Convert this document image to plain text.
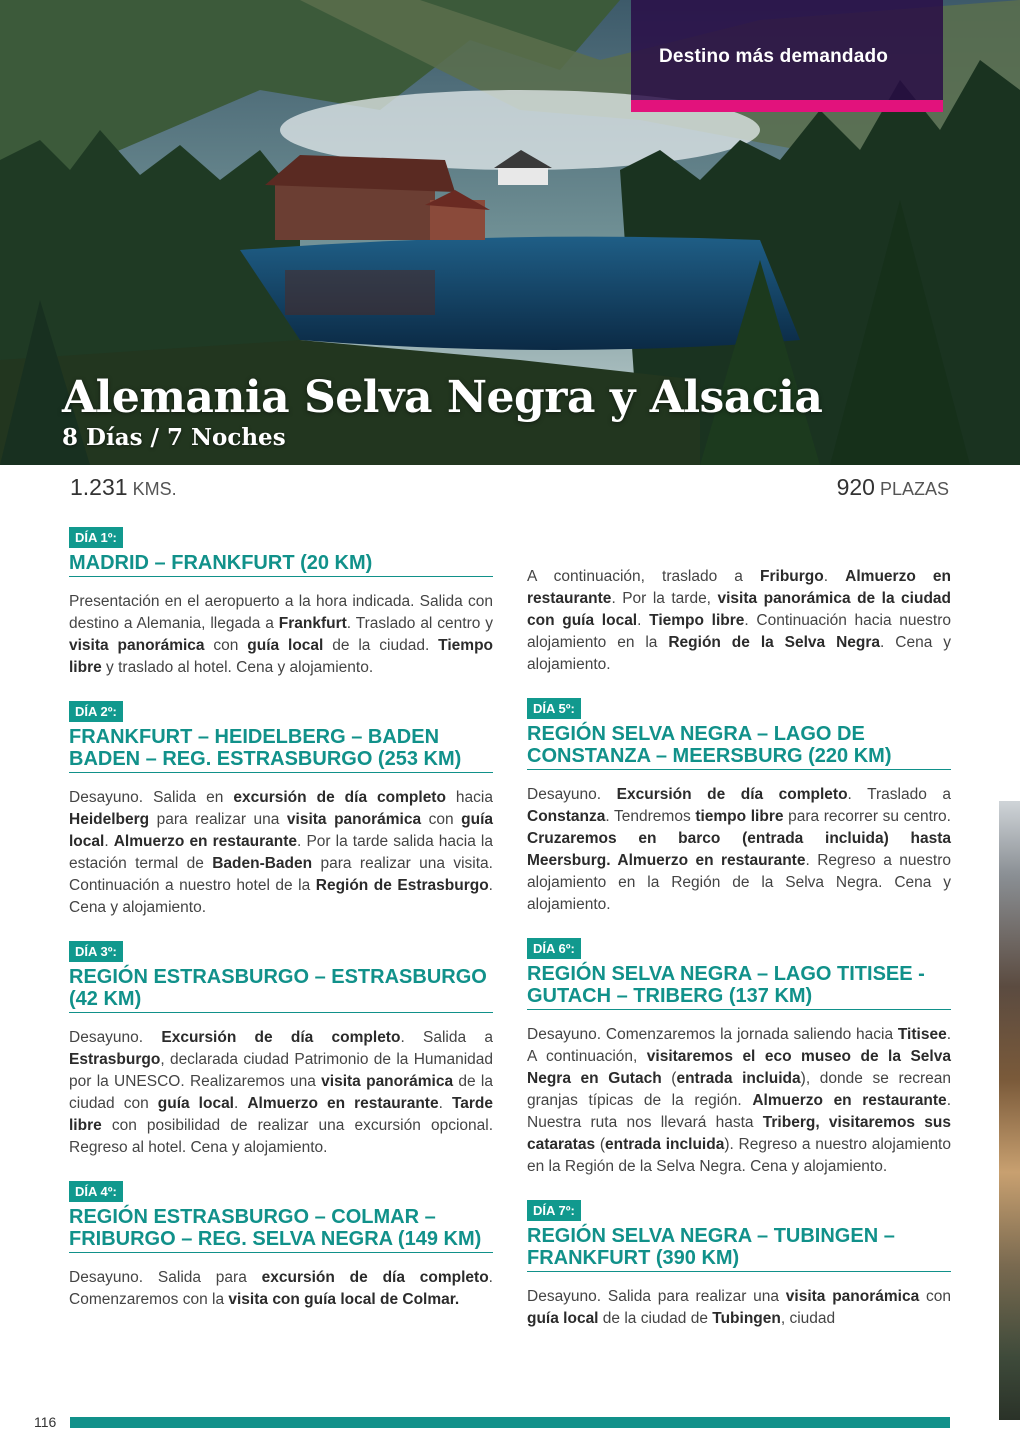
Destino más demandado
Alemania Selva Negra y Alsacia
8 Días / 7 Noches
1.231 KMS.	920 PLAZAS
DÍA 1º:
MADRID – FRANKFURT (20 KM)

Presentación en el aeropuerto a la hora indicada. Salida con destino a Alemania, llegada a Frankfurt. Traslado al centro y visita panorámica con guía local de la ciudad. Tiempo libre y traslado al hotel. Cena y alojamiento.

DÍA 2º:
FRANKFURT – HEIDELBERG – BADEN BADEN – REG. ESTRASBURGO (253 KM)

Desayuno. Salida en excursión de día completo hacia Heidelberg para realizar una visita panorámica con guía local. Almuerzo en restaurante. Por la tarde salida hacia la estación termal de Baden-Baden para realizar una visita. Continuación a nuestro hotel de la Región de Estrasburgo. Cena y alojamiento.

DÍA 3º:
REGIÓN ESTRASBURGO – ESTRASBURGO (42 KM)

Desayuno. Excursión de día completo. Salida a Estrasburgo, declarada ciudad Patrimonio de la Humanidad por la UNESCO. Realizaremos una visita panorámica de la ciudad con guía local. Almuerzo en restaurante. Tarde libre con posibilidad de realizar una excursión opcional. Regreso al hotel. Cena y alojamiento.

DÍA 4º:
REGIÓN ESTRASBURGO – COLMAR – FRIBURGO – REG. SELVA NEGRA (149 KM)

Desayuno. Salida para excursión de día completo. Comenzaremos con la visita con guía local de Colmar.

A continuación, traslado a Friburgo. Almuerzo en restaurante. Por la tarde, visita panorámica de la ciudad con guía local. Tiempo libre. Continuación hacia nuestro alojamiento en la Región de la Selva Negra. Cena y alojamiento.

DÍA 5º:
REGIÓN SELVA NEGRA – LAGO DE CONSTANZA – MEERSBURG (220 KM)

Desayuno. Excursión de día completo. Traslado a Constanza. Tendremos tiempo libre para recorrer su centro. Cruzaremos en barco (entrada incluida) hasta Meersburg. Almuerzo en restaurante. Regreso a nuestro alojamiento en la Región de la Selva Negra. Cena y alojamiento.

DÍA 6º:
REGIÓN SELVA NEGRA – LAGO TITISEE - GUTACH – TRIBERG (137 KM)

Desayuno. Comenzaremos la jornada saliendo hacia Titisee. A continuación, visitaremos el eco museo de la Selva Negra en Gutach (entrada incluida), donde se recrean granjas típicas de la región. Almuerzo en restaurante. Nuestra ruta nos llevará hasta Triberg, visitaremos sus cataratas (entrada incluida). Regreso a nuestro alojamiento en la Región de la Selva Negra. Cena y alojamiento.

DÍA 7º:
REGIÓN SELVA NEGRA – TUBINGEN – FRANKFURT (390 KM)

Desayuno. Salida para realizar una visita panorámica con guía local de la ciudad de Tubingen, ciudad

116
